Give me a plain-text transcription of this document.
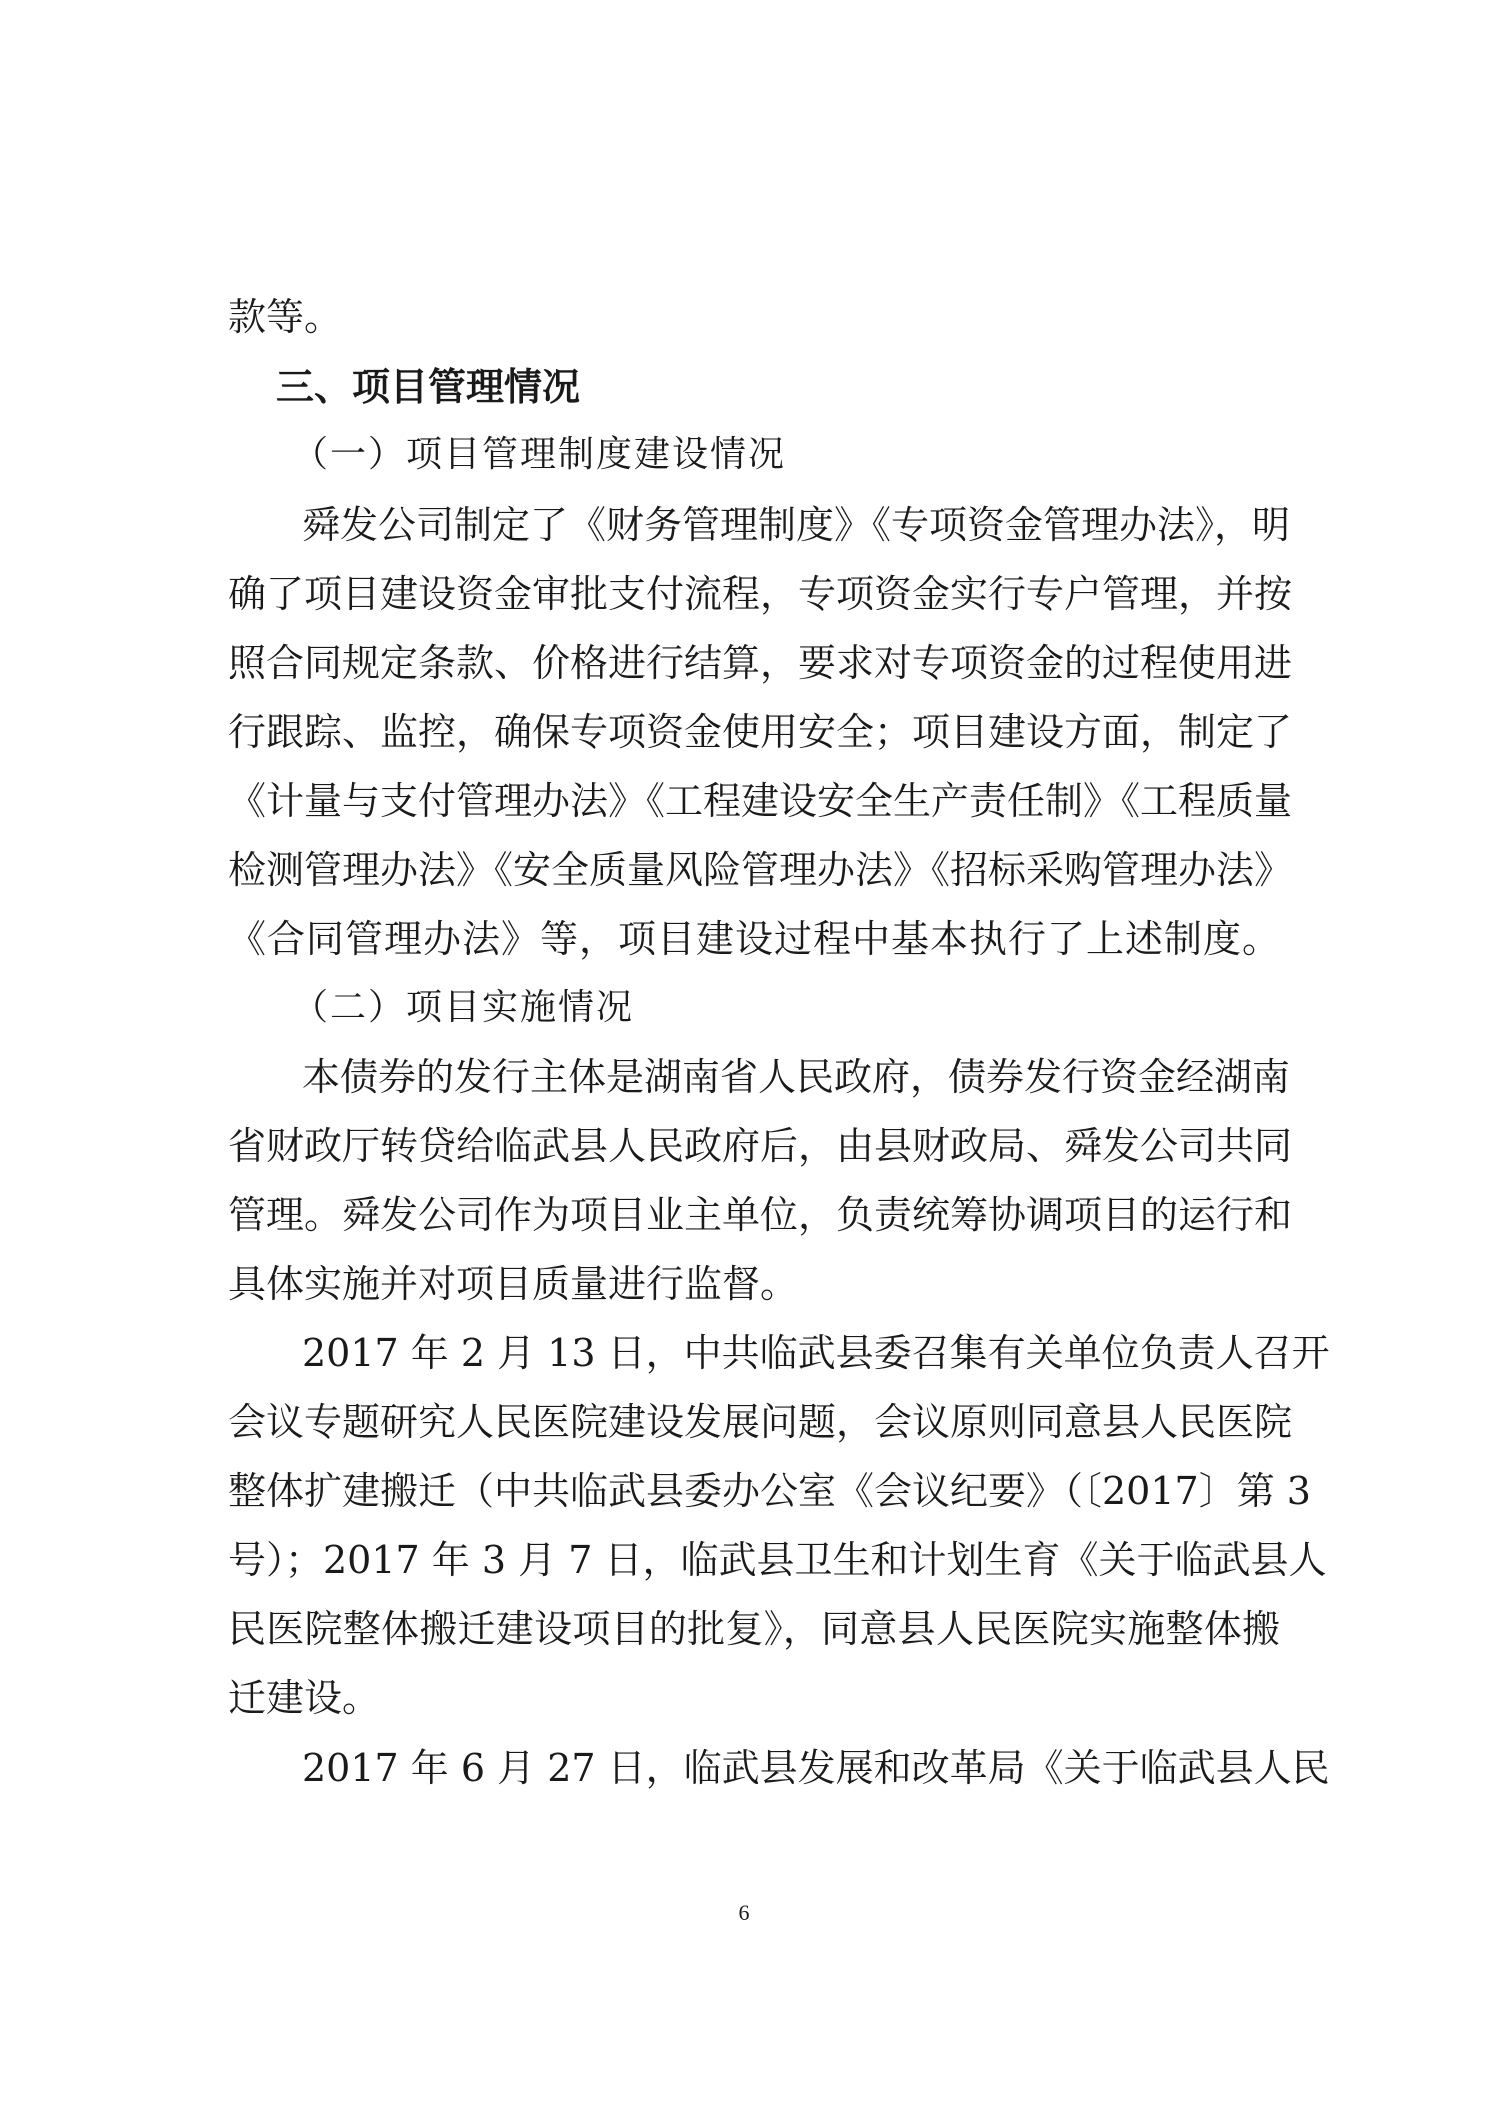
款等。
三、项目管理情况
（一）项目管理制度建设情况
舜发公司制定了《财务管理制度》《专项资金管理办法》，明
确了项目建设资金审批支付流程，专项资金实行专户管理，并按
照合同规定条款、价格进行结算，要求对专项资金的过程使用进
行跟踪、监控，确保专项资金使用安全；项目建设方面，制定了
《计量与支付管理办法》《工程建设安全生产责任制》《工程质量
检测管理办法》《安全质量风险管理办法》《招标采购管理办法》
《合同管理办法》等，项目建设过程中基本执行了上述制度。
（二）项目实施情况
本债券的发行主体是湖南省人民政府，债券发行资金经湖南
省财政厅转贷给临武县人民政府后，由县财政局、舜发公司共同
管理。舜发公司作为项目业主单位，负责统筹协调项目的运行和
具体实施并对项目质量进行监督。
2017 年 2 月 13 日，中共临武县委召集有关单位负责人召开
会议专题研究人民医院建设发展问题，会议原则同意县人民医院
整体扩建搬迁（中共临武县委办公室《会议纪要》（〔2017〕第 3
号）；2017 年 3 月 7 日，临武县卫生和计划生育《关于临武县人
民医院整体搬迁建设项目的批复》，同意县人民医院实施整体搬
迁建设。
2017 年 6 月 27 日，临武县发展和改革局《关于临武县人民
6
